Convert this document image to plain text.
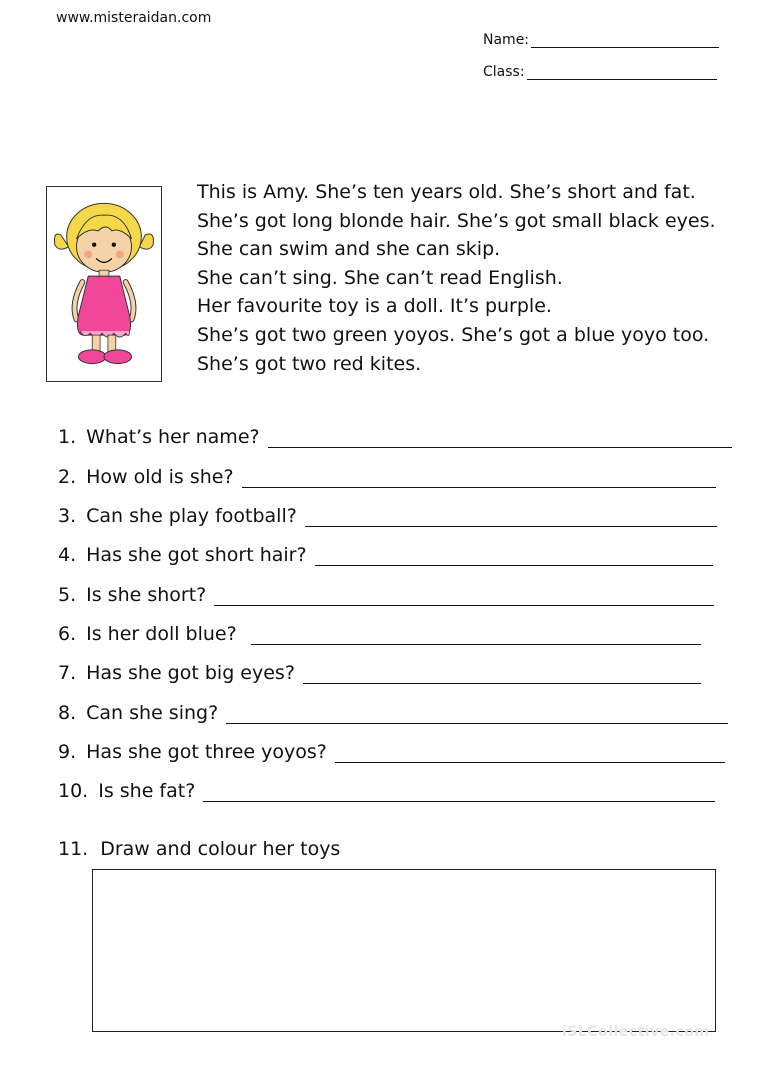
www.misteraidan.com
Name:
Class:
This is Amy. She’s ten years old. She’s short and fat.
She’s got long blonde hair. She’s got small black eyes.
She can swim and she can skip.
She can’t sing. She can’t read English.
Her favourite toy is a doll. It’s purple.
She’s got two green yoyos. She’s got a blue yoyo too.
She’s got two red kites.
1. What’s her name?
2. How old is she?
3. Can she play football?
4. Has she got short hair?
5. Is she short?
6. Is her doll blue?
7. Has she got big eyes?
8. Can she sing?
9. Has she got three yoyos?
10. Is she fat?
11. Draw and colour her toys
iSLCollective.com
